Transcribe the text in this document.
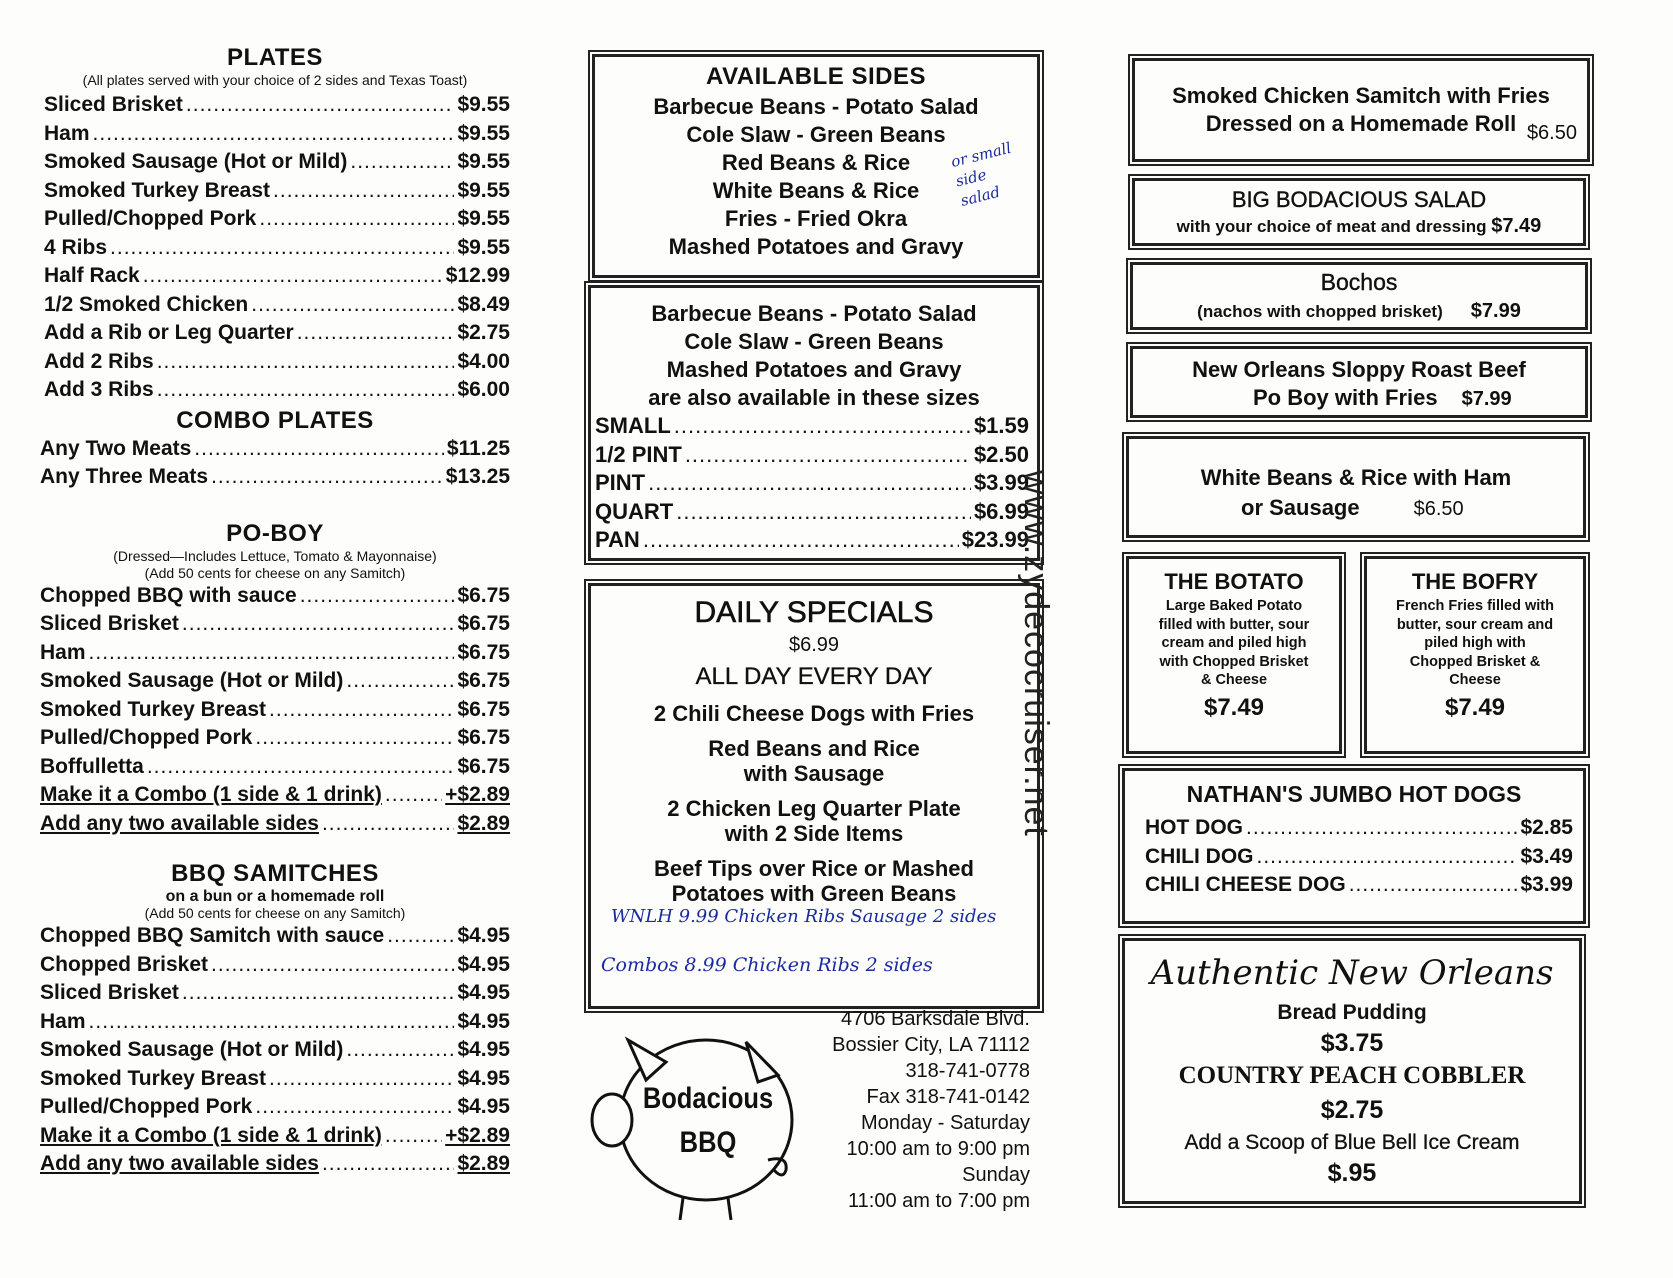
PLATES
(All plates served with your choice of 2 sides and Texas Toast)
Sliced Brisket .....	$9.55
Ham .....	$9.55
Smoked Sausage (Hot or Mild) .....	$9.55
Smoked Turkey Breast .....	$9.55
Pulled/Chopped Pork .....	$9.55
4 Ribs .....	$9.55
Half Rack .....	$12.99
1/2 Smoked Chicken .....	$8.49
Add a Rib or Leg Quarter .....	$2.75
Add 2 Ribs .....	$4.00
Add 3 Ribs .....	$6.00
COMBO PLATES
Any Two Meats .....	$11.25
Any Three Meats .....	$13.25
PO-BOY
(Dressed—Includes Lettuce, Tomato & Mayonnaise)
(Add 50 cents for cheese on any Samitch)
Chopped BBQ with sauce .....	$6.75
Sliced Brisket .....	$6.75
Ham .....	$6.75
Smoked Sausage (Hot or Mild) .....	$6.75
Smoked Turkey Breast .....	$6.75
Pulled/Chopped Pork .....	$6.75
Boffulletta .....	$6.75
Make it a Combo (1 side & 1 drink) .....	+$2.89
Add any two available sides .....	$2.89
BBQ SAMITCHES
on a bun or a homemade roll
(Add 50 cents for cheese on any Samitch)
Chopped BBQ Samitch with sauce .....	$4.95
Chopped Brisket .....	$4.95
Sliced Brisket .....	$4.95
Ham .....	$4.95
Smoked Sausage (Hot or Mild) .....	$4.95
Smoked Turkey Breast .....	$4.95
Pulled/Chopped Pork .....	$4.95
Make it a Combo (1 side & 1 drink) .....	+$2.89
Add any two available sides .....	$2.89
AVAILABLE SIDES
Barbecue Beans - Potato Salad
Cole Slaw - Green Beans
Red Beans & Rice
White Beans & Rice
Fries - Fried Okra
Mashed Potatoes and Gravy
or small side salad
Barbecue Beans - Potato Salad
Cole Slaw - Green Beans
Mashed Potatoes and Gravy
are also available in these sizes
SMALL .....	$1.59
1/2 PINT .....	$2.50
PINT .....	$3.99
QUART .....	$6.99
PAN .....	$23.99
DAILY SPECIALS
$6.99
ALL DAY EVERY DAY
2 Chili Cheese Dogs with Fries
Red Beans and Rice
with Sausage
2 Chicken Leg Quarter Plate
with 2 Side Items
Beef Tips over Rice or Mashed
Potatoes with Green Beans
WNLH 9.99 Chicken Ribs Sausage 2 sides
Combos 8.99 Chicken Ribs 2 sides
Bodacious
BBQ
4706 Barksdale Blvd.
Bossier City, LA 71112
318-741-0778
Fax 318-741-0142
Monday - Saturday
10:00 am to 9:00 pm
Sunday
11:00 am to 7:00 pm
www.zydecocruiser.net
Smoked Chicken Samitch with Fries
Dressed on a Homemade Roll $6.50
BIG BODACIOUS SALAD
with your choice of meat and dressing $7.49
Bochos
(nachos with chopped brisket) $7.99
New Orleans Sloppy Roast Beef
Po Boy with Fries $7.99
White Beans & Rice with Ham
or Sausage	$6.50
THE BOTATO
Large Baked Potato filled with butter, sour cream and piled high with Chopped Brisket & Cheese
$7.49
THE BOFRY
French Fries filled with butter, sour cream and piled high with Chopped Brisket & Cheese
$7.49
NATHAN'S JUMBO HOT DOGS
HOT DOG .....	$2.85
CHILI DOG .....	$3.49
CHILI CHEESE DOG .....	$3.99
Authentic New Orleans
Bread Pudding
$3.75
COUNTRY PEACH COBBLER
$2.75
Add a Scoop of Blue Bell Ice Cream
$.95
